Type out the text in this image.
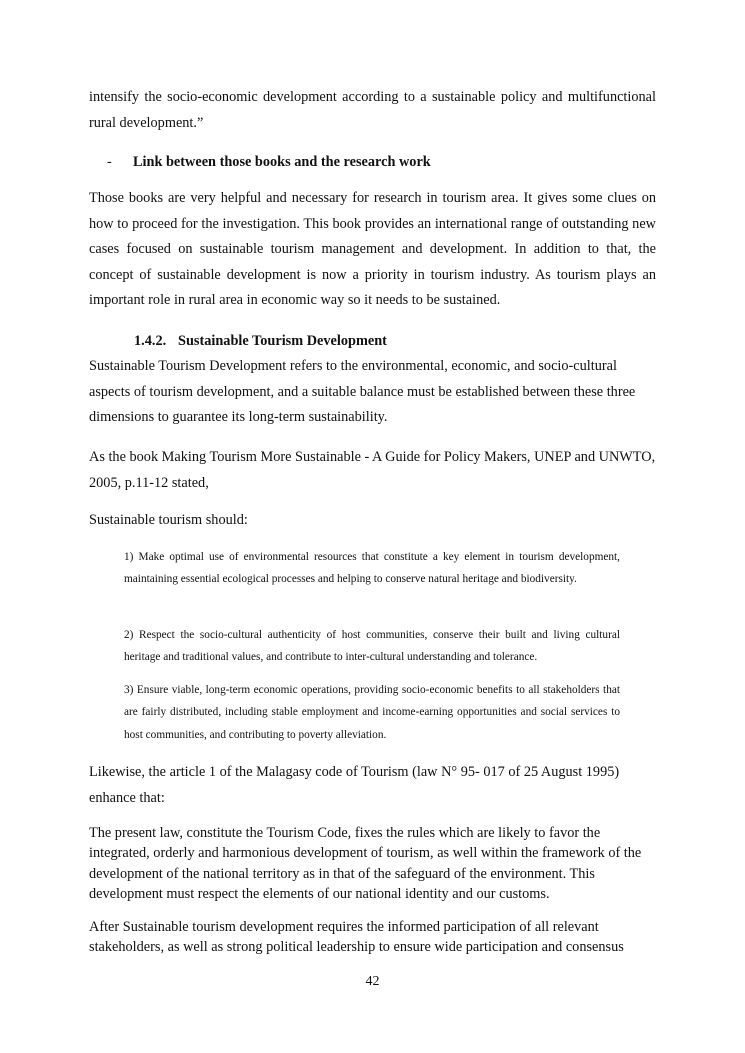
intensify the socio-economic development according to a sustainable policy and multifunctional rural development.”

- Link between those books and the research work

Those books are very helpful and necessary for research in tourism area. It gives some clues on how to proceed for the investigation. This book provides an international range of outstanding new cases focused on sustainable tourism management and development. In addition to that, the concept of sustainable development is now a priority in tourism industry. As tourism plays an important role in rural area in economic way so it needs to be sustained.

1.4.2. Sustainable Tourism Development

Sustainable Tourism Development refers to the environmental, economic, and socio-cultural aspects of tourism development, and a suitable balance must be established between these three dimensions to guarantee its long-term sustainability.

As the book Making Tourism More Sustainable - A Guide for Policy Makers, UNEP and UNWTO, 2005, p.11-12 stated,

Sustainable tourism should:

1) Make optimal use of environmental resources that constitute a key element in tourism development, maintaining essential ecological processes and helping to conserve natural heritage and biodiversity.

2) Respect the socio-cultural authenticity of host communities, conserve their built and living cultural heritage and traditional values, and contribute to inter-cultural understanding and tolerance.

3) Ensure viable, long-term economic operations, providing socio-economic benefits to all stakeholders that are fairly distributed, including stable employment and income-earning opportunities and social services to host communities, and contributing to poverty alleviation.

Likewise, the article 1 of the Malagasy code of Tourism (law N° 95- 017 of 25 August 1995) enhance that:

The present law, constitute the Tourism Code, fixes the rules which are likely to favor the integrated, orderly and harmonious development of tourism, as well within the framework of the development of the national territory as in that of the safeguard of the environment. This development must respect the elements of our national identity and our customs.

After Sustainable tourism development requires the informed participation of all relevant stakeholders, as well as strong political leadership to ensure wide participation and consensus

42
